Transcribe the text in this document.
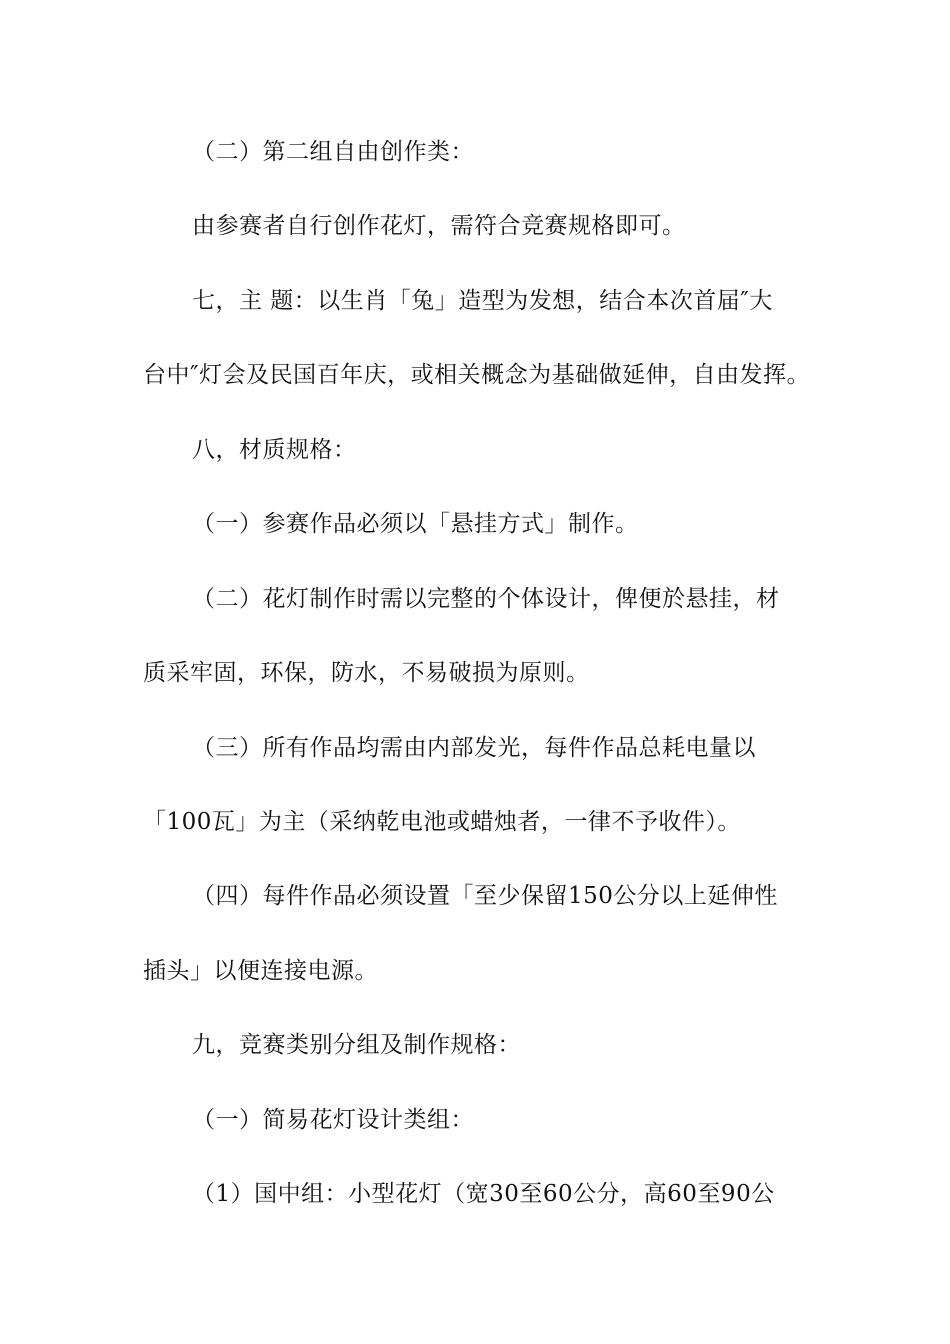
（二）第二组自由创作类：
由参赛者自行创作花灯，需符合竞赛规格即可。
七，主 题：以生肖「兔」造型为发想，结合本次首届″大
台中″灯会及民国百年庆，或相关概念为基础做延伸，自由发挥。
八，材质规格：
（一）参赛作品必须以「悬挂方式」制作。
（二）花灯制作时需以完整的个体设计，俾便於悬挂，材
质采牢固，环保，防水，不易破损为原则。
（三）所有作品均需由内部发光，每件作品总耗电量以
「100瓦」为主（采纳乾电池或蜡烛者，一律不予收件）。
（四）每件作品必须设置「至少保留150公分以上延伸性
插头」以便连接电源。
九，竞赛类别分组及制作规格：
（一）简易花灯设计类组：
（1）国中组：小型花灯（宽30至60公分，高60至90公
